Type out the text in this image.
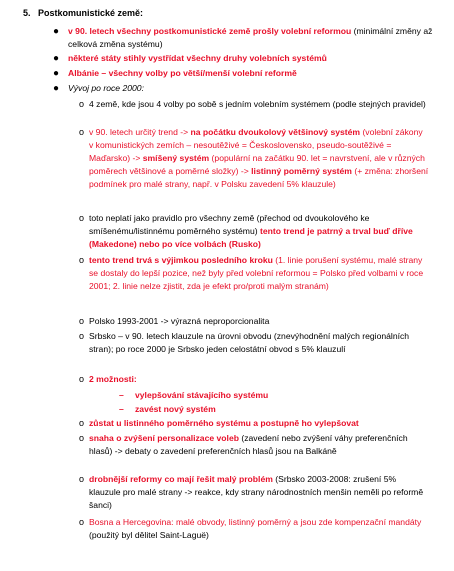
5. Postkomunistické země:
● v 90. letech všechny postkomunistické země prošly volební reformou (minimální změny až celková změna systému)
● některé státy stihly vystřídat všechny druhy volebních systémů
● Albánie – všechny volby po větší/menší volební reformě
● Vývoj po roce 2000:
o 4 země, kde jsou 4 volby po sobě s jedním volebním systémem (podle stejných pravidel)
o v 90. letech určitý trend -> na počátku dvoukolový většinový systém (volební zákony v komunistických zemích – nesoutěživé = Československo, pseudo-soutěživé = Maďarsko) -> smíšený systém (populární na začátku 90. let = navrstvení, ale v různých poměrech většinové a poměrné složky) -> listinný poměrný systém (+ změna: zhoršení podmínek pro malé strany, např. v Polsku zavedení 5% klauzule)
o toto neplatí jako pravidlo pro všechny země (přechod od dvoukolového ke smíšenému/listinnému poměrného systému) tento trend je patrný a trval buď dříve (Makedone) nebo po více volbách (Rusko)
o tento trend trvá s výjimkou posledního kroku (1. linie porušení systému, malé strany se dostaly do lepší pozice, než byly před volební reformou = Polsko před volbami v roce 2001; 2. linie nelze zjistit, zda je efekt pro/proti malým stranám)
o Polsko 1993-2001 -> výrazná neproporcionalita
o Srbsko – v 90. letech klauzule na úrovni obvodu (znevýhodnění malých regionálních stran); po roce 2000 je Srbsko jeden celostátní obvod s 5% klauzulí
o 2 možnosti:
– vylepšování stávajícího systému
– zavést nový systém
o zůstat u listinného poměrného systému a postupně ho vylepšovat
o snaha o zvýšení personalizace voleb (zavedení nebo zvýšení váhy preferenčních hlasů) -> debaty o zavedení preferenčních hlasů jsou na Balkáně
o drobnější reformy co mají řešit malý problém (Srbsko 2003-2008: zrušení 5% klauzule pro malé strany -> reakce, kdy strany národnostních menšin neměli po reformě šanci)
o Bosna a Hercegovina: malé obvody, listinný poměrný a jsou zde kompenzační mandáty (použitý byl dělitel Saint-Laguë)
